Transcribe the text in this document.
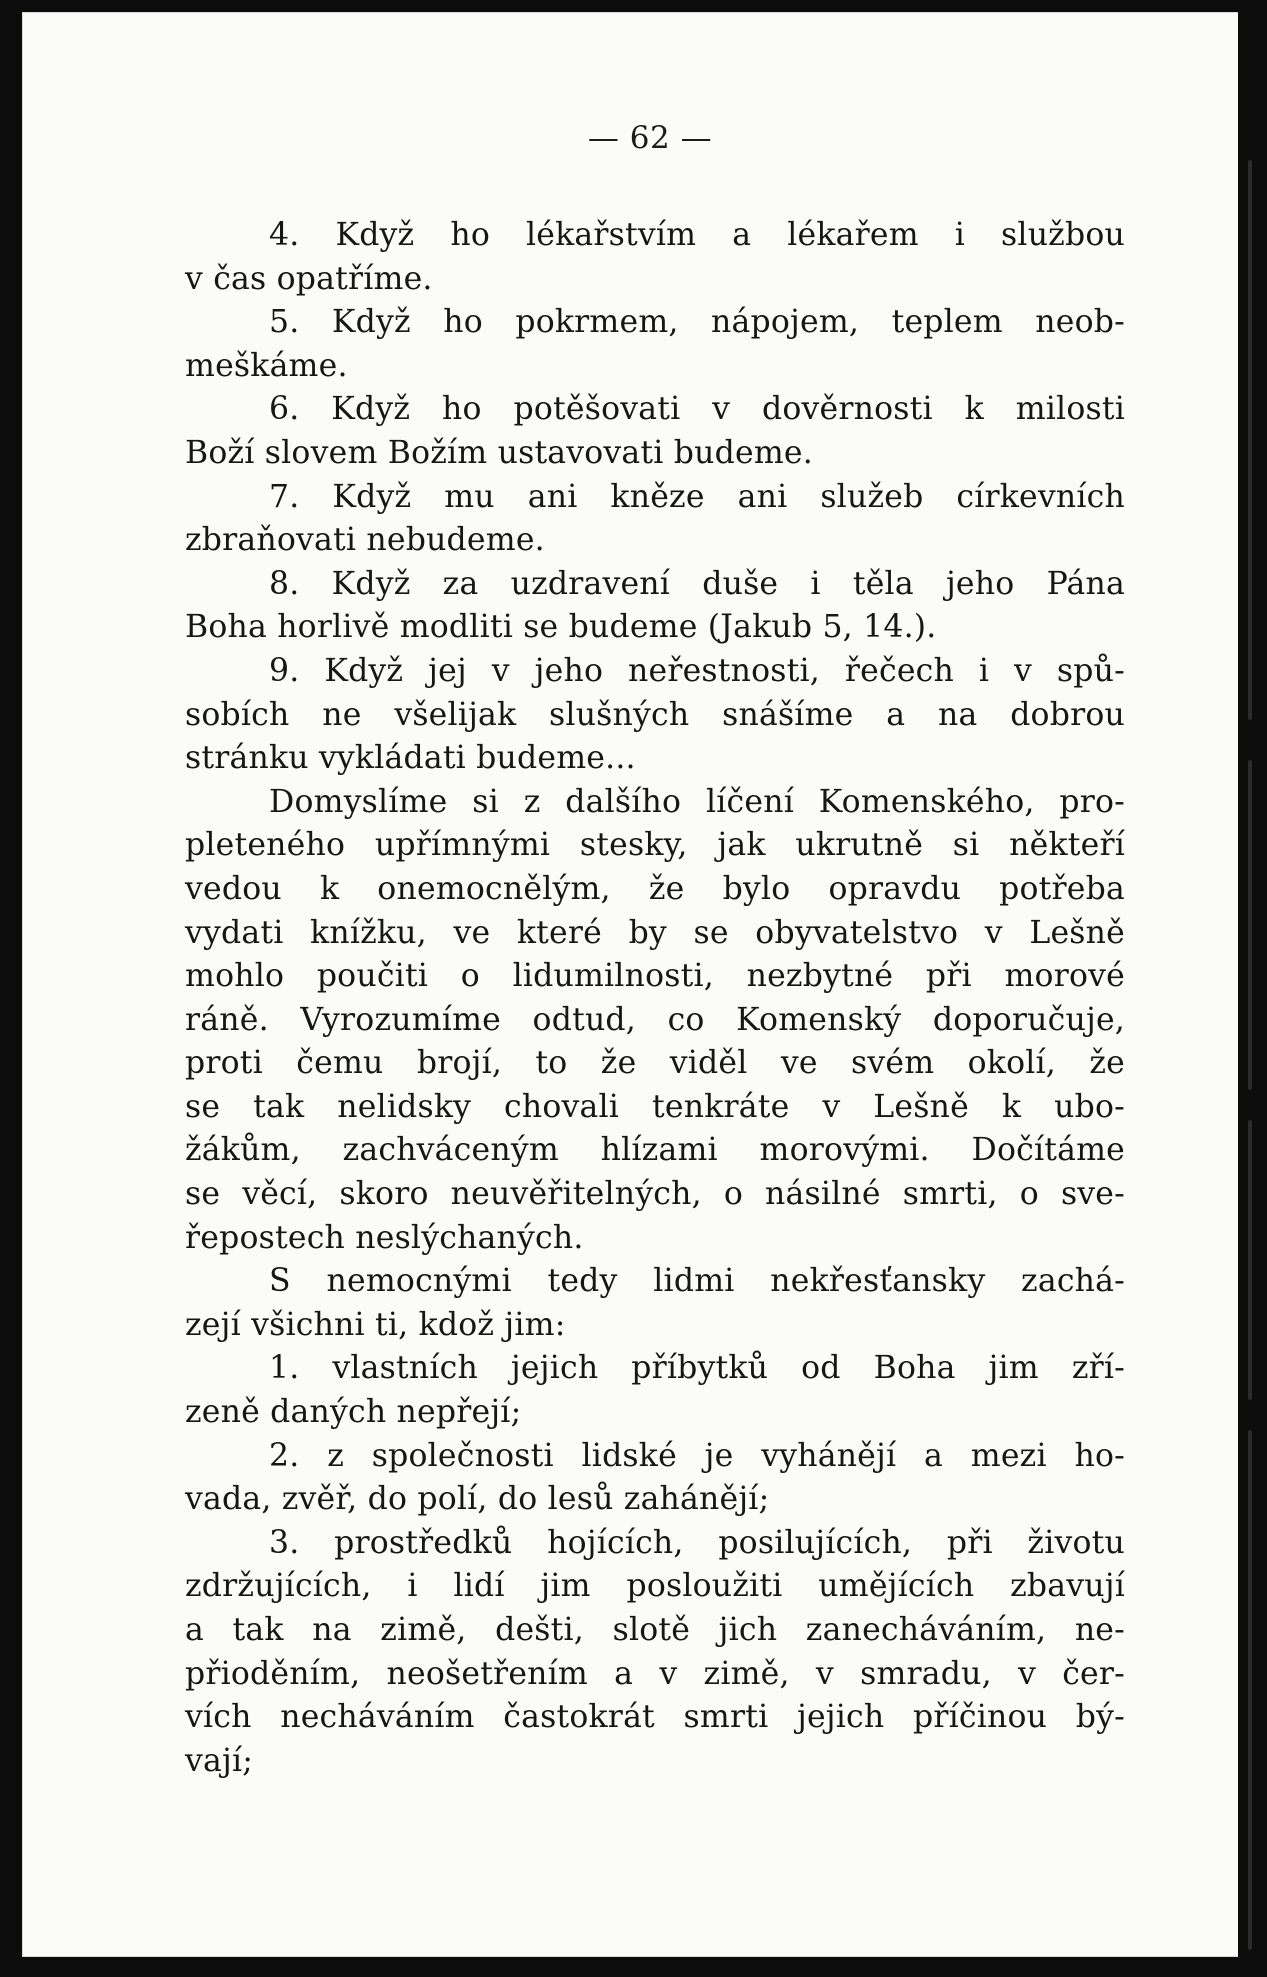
— 62 —
4. Když ho lékařstvím a lékařem i službou
v čas opatříme.
5. Když ho pokrmem, nápojem, teplem neob-
meškáme.
6. Když ho potěšovati v dověrnosti k milosti
Boží slovem Božím ustavovati budeme.
7. Když mu ani kněze ani služeb církevních
zbraňovati nebudeme.
8. Když za uzdravení duše i těla jeho Pána
Boha horlivě modliti se budeme (Jakub 5, 14.).
9. Když jej v jeho neřestnosti, řečech i v spů-
sobích ne všelijak slušných snášíme a na dobrou
stránku vykládati budeme...
Domyslíme si z dalšího líčení Komenského, pro-
pleteného upřímnými stesky, jak ukrutně si někteří
vedou k onemocnělým, že bylo opravdu potřeba
vydati knížku, ve které by se obyvatelstvo v Lešně
mohlo poučiti o lidumilnosti, nezbytné při morové
ráně. Vyrozumíme odtud, co Komenský doporučuje,
proti čemu brojí, to že viděl ve svém okolí, že
se tak nelidsky chovali tenkráte v Lešně k ubo-
žákům, zachváceným hlízami morovými. Dočítáme
se věcí, skoro neuvěřitelných, o násilné smrti, o sve-
řepostech neslýchaných.
S nemocnými tedy lidmi nekřesťansky zachá-
zejí všichni ti, kdož jim:
1. vlastních jejich příbytků od Boha jim zří-
zeně daných nepřejí;
2. z společnosti lidské je vyhánějí a mezi ho-
vada, zvěř, do polí, do lesů zahánějí;
3. prostředků hojících, posilujících, při životu
zdržujících, i lidí jim posloužiti umějících zbavují
a tak na zimě, dešti, slotě jich zanecháváním, ne-
přioděním, neošetřením a v zimě, v smradu, v čer-
vích necháváním častokrát smrti jejich příčinou bý-
vají;
